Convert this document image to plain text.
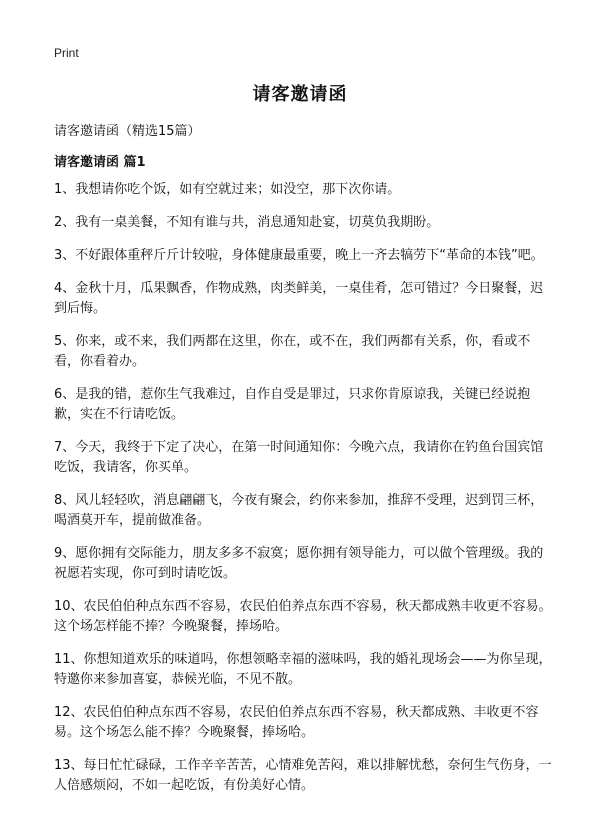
Print
请客邀请函
请客邀请函（精选15篇）
请客邀请函 篇1
1、我想请你吃个饭，如有空就过来；如没空，那下次你请。
2、我有一桌美餐，不知有谁与共，消息通知赴宴，切莫负我期盼。
3、不好跟体重秤斤斤计较啦，身体健康最重要，晚上一齐去犒劳下“革命的本钱”吧。
4、金秋十月，瓜果飘香，作物成熟，肉类鲜美，一桌佳肴，怎可错过？今日聚餐，迟到后悔。
5、你来，或不来，我们两都在这里，你在，或不在，我们两都有关系，你，看或不看，你看着办。
6、是我的错，惹你生气我难过，自作自受是罪过，只求你肯原谅我，关键已经说抱歉，实在不行请吃饭。
7、今天，我终于下定了决心，在第一时间通知你：今晚六点，我请你在钓鱼台国宾馆吃饭，我请客，你买单。
8、风儿轻轻吹，消息翩翩飞，今夜有聚会，约你来参加，推辞不受理，迟到罚三杯，喝酒莫开车，提前做准备。
9、愿你拥有交际能力，朋友多多不寂寞；愿你拥有领导能力，可以做个管理级。我的祝愿若实现，你可到时请吃饭。
10、农民伯伯种点东西不容易，农民伯伯养点东西不容易，秋天都成熟丰收更不容易。这个场怎样能不捧？今晚聚餐，捧场哈。
11、你想知道欢乐的味道吗，你想领略幸福的滋味吗，我的婚礼现场会——为你呈现，特邀你来参加喜宴，恭候光临，不见不散。
12、农民伯伯种点东西不容易，农民伯伯养点东西不容易，秋天都成熟、丰收更不容易。这个场怎么能不捧？今晚聚餐，捧场哈。
13、每日忙忙碌碌，工作辛辛苦苦，心情难免苦闷，难以排解忧愁，奈何生气伤身，一人倍感烦闷，不如一起吃饭，有份美好心情。
